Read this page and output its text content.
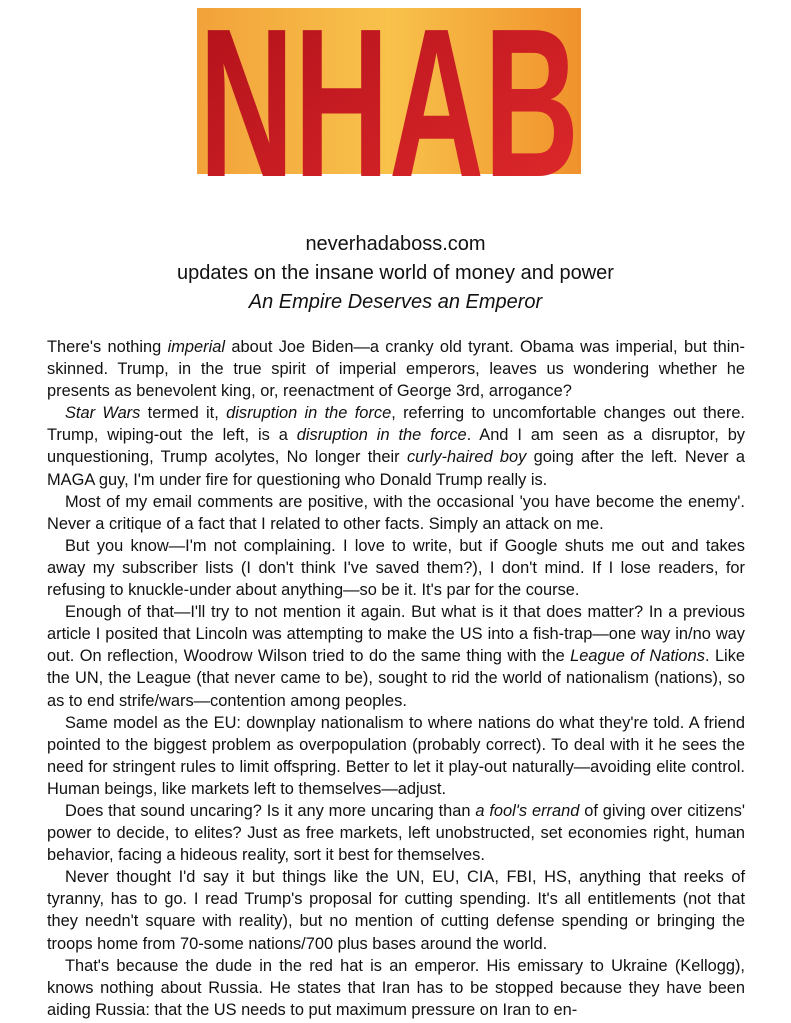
NHAB
neverhadaboss.com
updates on the insane world of money and power
An Empire Deserves an Emperor

There's nothing imperial about Joe Biden—a cranky old tyrant. Obama was imperial, but thin-skinned. Trump, in the true spirit of imperial emperors, leaves us wondering whether he presents as benevolent king, or, reenactment of George 3rd, arrogance?

Star Wars termed it, disruption in the force, referring to uncomfortable changes out there. Trump, wiping-out the left, is a disruption in the force. And I am seen as a disruptor, by unquestioning, Trump acolytes, No longer their curly-haired boy going after the left. Never a MAGA guy, I'm under fire for questioning who Donald Trump really is.

Most of my email comments are positive, with the occasional 'you have become the enemy'. Never a critique of a fact that I related to other facts. Simply an attack on me.

But you know—I'm not complaining. I love to write, but if Google shuts me out and takes away my subscriber lists (I don't think I've saved them?), I don't mind. If I lose readers, for refusing to knuckle-under about anything—so be it. It's par for the course.

Enough of that—I'll try to not mention it again. But what is it that does matter? In a previous article I posited that Lincoln was attempting to make the US into a fish-trap—one way in/no way out. On reflection, Woodrow Wilson tried to do the same thing with the League of Nations. Like the UN, the League (that never came to be), sought to rid the world of nationalism (nations), so as to end strife/wars—contention among peoples.

Same model as the EU: downplay nationalism to where nations do what they're told. A friend pointed to the biggest problem as overpopulation (probably correct). To deal with it he sees the need for stringent rules to limit offspring. Better to let it play-out naturally—avoiding elite control. Human beings, like markets left to themselves—adjust.

Does that sound uncaring? Is it any more uncaring than a fool's errand of giving over citizens' power to decide, to elites? Just as free markets, left unobstructed, set economies right, human behavior, facing a hideous reality, sort it best for themselves.

Never thought I'd say it but things like the UN, EU, CIA, FBI, HS, anything that reeks of tyranny, has to go. I read Trump's proposal for cutting spending. It's all entitlements (not that they needn't square with reality), but no mention of cutting defense spending or bringing the troops home from 70-some nations/700 plus bases around the world.

That's because the dude in the red hat is an emperor. His emissary to Ukraine (Kellogg), knows nothing about Russia. He states that Iran has to be stopped because they have been aiding Russia: that the US needs to put maximum pressure on Iran to en-
